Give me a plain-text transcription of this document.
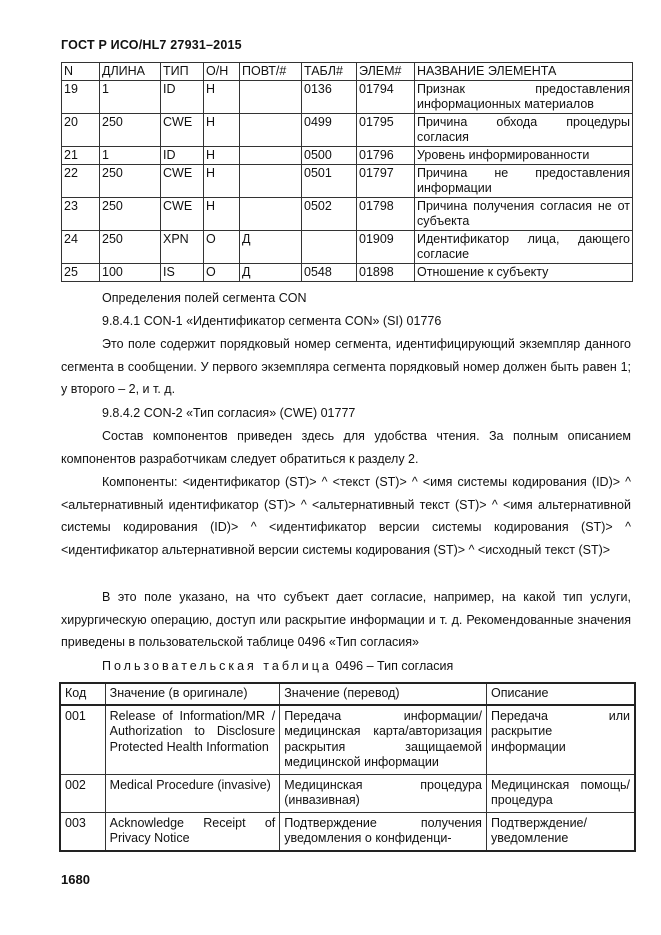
ГОСТ Р ИСО/HL7 27931–2015
N	ДЛИНА	ТИП	О/Н	ПОВТ/#	ТАБЛ#	ЭЛЕМ#	НАЗВАНИЕ ЭЛЕМЕНТА
19	1	ID	Н		0136	01794	Признак предоставления информационных материалов
20	250	CWE	Н		0499	01795	Причина обхода процедуры согласия
21	1	ID	Н		0500	01796	Уровень информированности
22	250	CWE	Н		0501	01797	Причина не предоставления информации
23	250	CWE	Н		0502	01798	Причина получения согласия не от субъекта
24	250	XPN	О	Д		01909	Идентификатор лица, дающего согласие
25	100	IS	О	Д	0548	01898	Отношение к субъекту
Определения полей сегмента CON
9.8.4.1 CON-1 «Идентификатор сегмента CON» (SI) 01776
Это поле содержит порядковый номер сегмента, идентифицирующий экземпляр данного сегмента в сообщении. У первого экземпляра сегмента порядковый номер должен быть равен 1; у второго – 2, и т. д.
9.8.4.2 CON-2 «Тип согласия» (CWE) 01777
Состав компонентов приведен здесь для удобства чтения. За полным описанием компонентов разработчикам следует обратиться к разделу 2.
Компоненты: <идентификатор (ST)> ^ <текст (ST)> ^ <имя системы кодирования (ID)> ^ <альтернативный идентификатор (ST)> ^ <альтернативный текст (ST)> ^ <имя альтернативной системы кодирования (ID)> ^ <идентификатор версии системы кодирования (ST)> ^ <идентификатор альтернативной версии системы кодирования (ST)> ^ <исходный текст (ST)>
В это поле указано, на что субъект дает согласие, например, на какой тип услуги, хирургическую операцию, доступ или раскрытие информации и т. д. Рекомендованные значения приведены в пользовательской таблице 0496 «Тип согласия»
Пользовательская таблица 0496 – Тип согласия
Код	Значение (в оригинале)	Значение (перевод)	Описание
001	Release of Information/MR / Authorization to Disclosure Protected Health Information	Передача информации/медицинская карта/авторизация раскрытия защищаемой медицинской информации	Передача или раскрытие информации
002	Medical Procedure (invasive)	Медицинская процедура (инвазивная)	Медицинская помощь/ процедура
003	Acknowledge Receipt of Privacy Notice	Подтверждение получения уведомления о конфиденци-	Подтверждение/ уведомление
1680
